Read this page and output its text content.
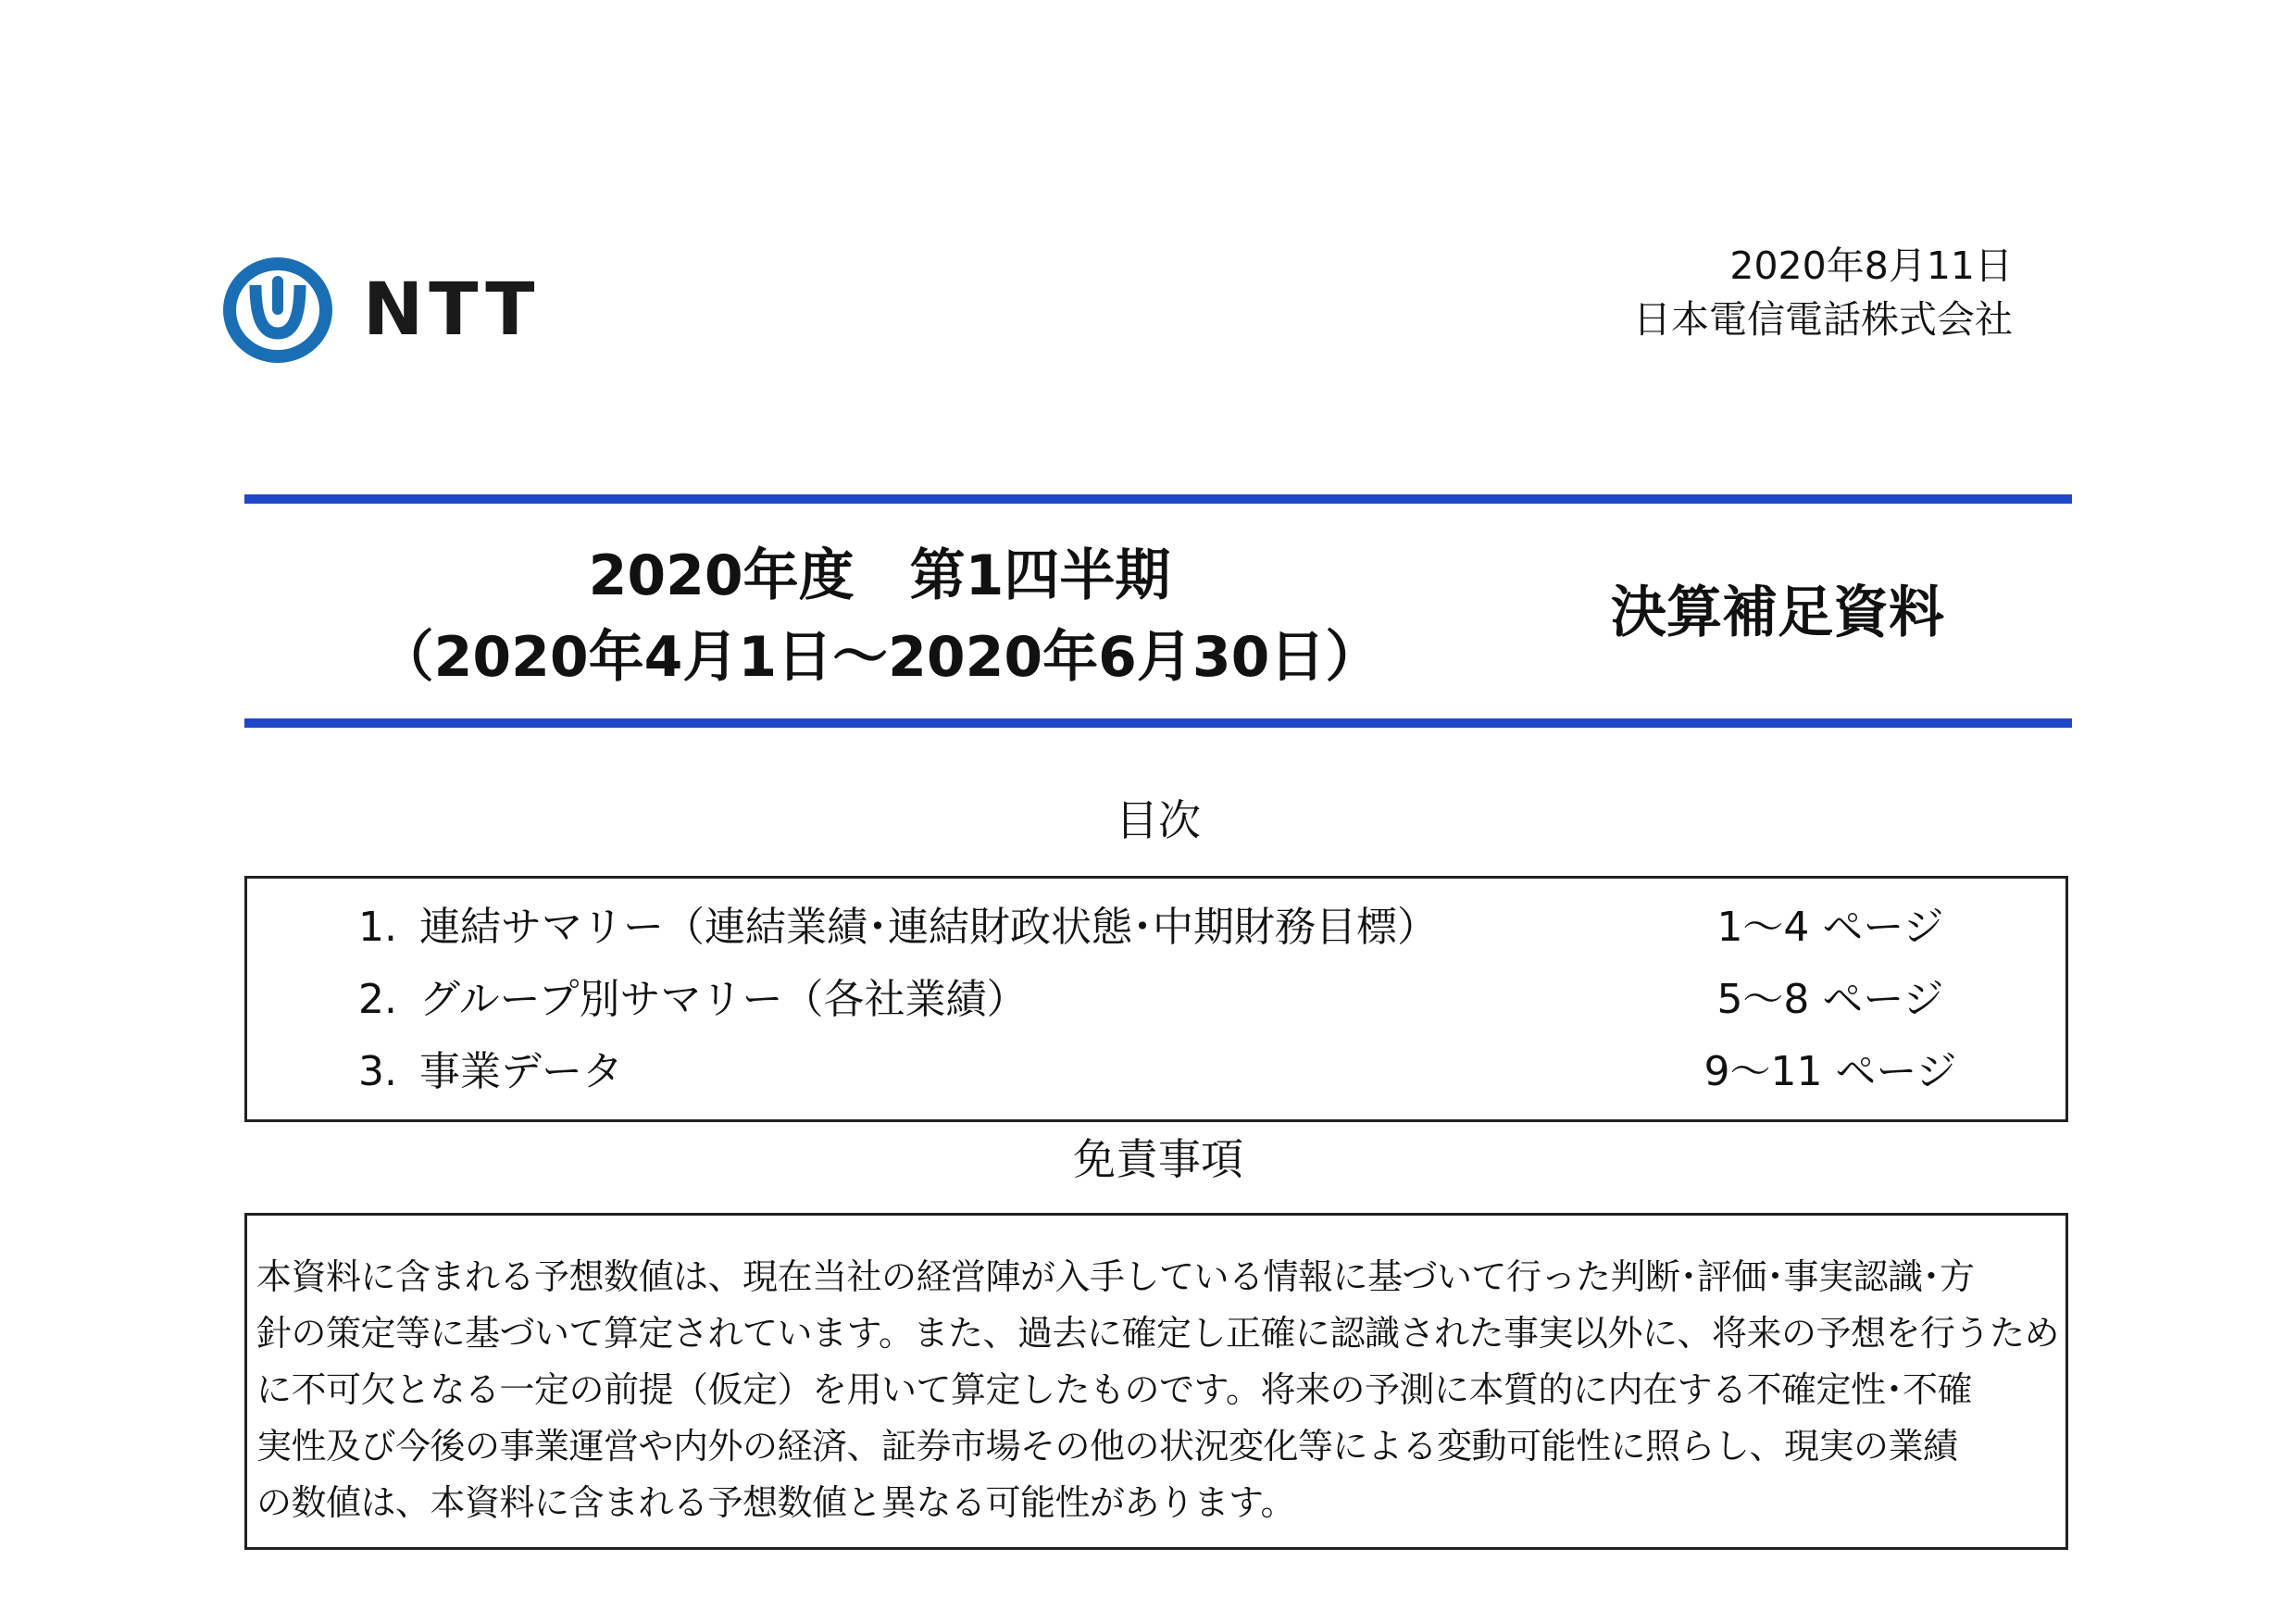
NTT
2020年8月11日
日本電信電話株式会社
2020年度　第1四半期
（2020年4月1日～2020年6月30日）
決算補足資料
目次
1. 連結サマリー（連結業績･連結財政状態･中期財務目標）	1～4 ページ
2. グループ別サマリー（各社業績）	5～8 ページ
3. 事業データ	9～11 ページ
免責事項
本資料に含まれる予想数値は、現在当社の経営陣が入手している情報に基づいて行った判断･評価･事実認識･方
針の策定等に基づいて算定されています。また、過去に確定し正確に認識された事実以外に、将来の予想を行うため
に不可欠となる一定の前提（仮定）を用いて算定したものです。将来の予測に本質的に内在する不確定性･不確
実性及び今後の事業運営や内外の経済、証券市場その他の状況変化等による変動可能性に照らし、現実の業績
の数値は、本資料に含まれる予想数値と異なる可能性があります。
